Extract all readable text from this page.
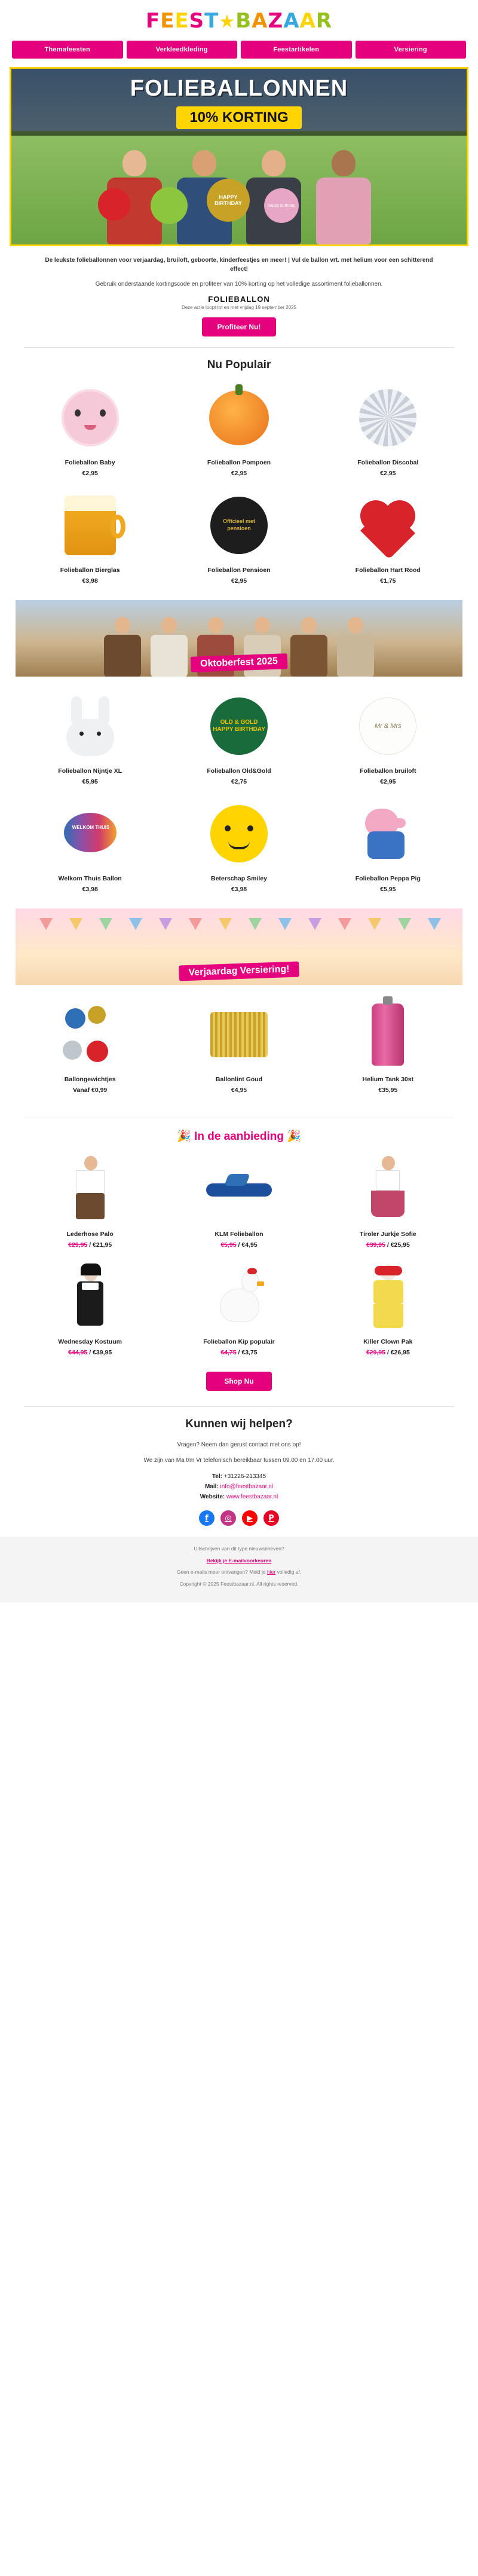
FEEST★BAZAAR
Themafeesten	Verkleedkleding	Feestartikelen	Versiering
FOLIEBALLONNEN
10% KORTING
HAPPY BIRTHDAY	happy birthday

De leukste folieballonnen voor verjaardag, bruiloft, geboorte, kinderfeestjes en meer! | Vul de ballon vrt. met helium voor een schitterend effect!

Gebruik onderstaande kortingscode en profiteer van 10% korting op het volledige assortiment folieballonnen.

FOLIEBALLON
Deze actie loopt tot en met vrijdag 19 september 2025
Profiteer Nu!
Nu Populair
Folieballon Baby
€2,95
Folieballon Pompoen
€2,95
Folieballon Discobal
€2,95
Folieballon Bierglas
€3,98
Officieel met pensioen
Folieballon Pensioen
€2,95
Folieballon Hart Rood
€1,75
Oktoberfest 2025
Folieballon Nijntje XL
€5,95
OLD & GOLD HAPPY BIRTHDAY
Folieballon Old&Gold
€2,75
Mr & Mrs
Folieballon bruiloft
€2,95
WELKOM THUIS
Welkom Thuis Ballon
€3,98
Beterschap Smiley
€3,98
Folieballon Peppa Pig
€5,95
Verjaardag Versiering!
Ballongewichtjes
Vanaf €0,99
Ballonlint Goud
€4,95
Helium Tank 30st
€35,95
🎉 In de aanbieding 🎉
Lederhose Palo
€29,95 / €21,95
KLM Folieballon
€5,95 / €4,95
Tiroler Jurkje Sofie
€39,95 / €25,95
Wednesday Kostuum
€44,95 / €39,95
Folieballon Kip populair
€4,75 / €3,75
Killer Clown Pak
€29,95 / €26,95
Shop Nu
Kunnen wij helpen?

Vragen? Neem dan gerust contact met ons op!

We zijn van Ma t/m Vr telefonisch bereikbaar tussen 09.00 en 17.00 uur.

Tel: +31226-213345
Mail: info@feestbazaar.nl
Website: www.feestbazaar.nl
f	◎	▶	P

Uitschrijven van dit type nieuwsbrieven?

Bekijk je E-mailvoorkeuren

Geen e-mails meer ontvangen? Meld je hier volledig af.

Copyright © 2025 Feestbazaar.nl, All rights reserved.
